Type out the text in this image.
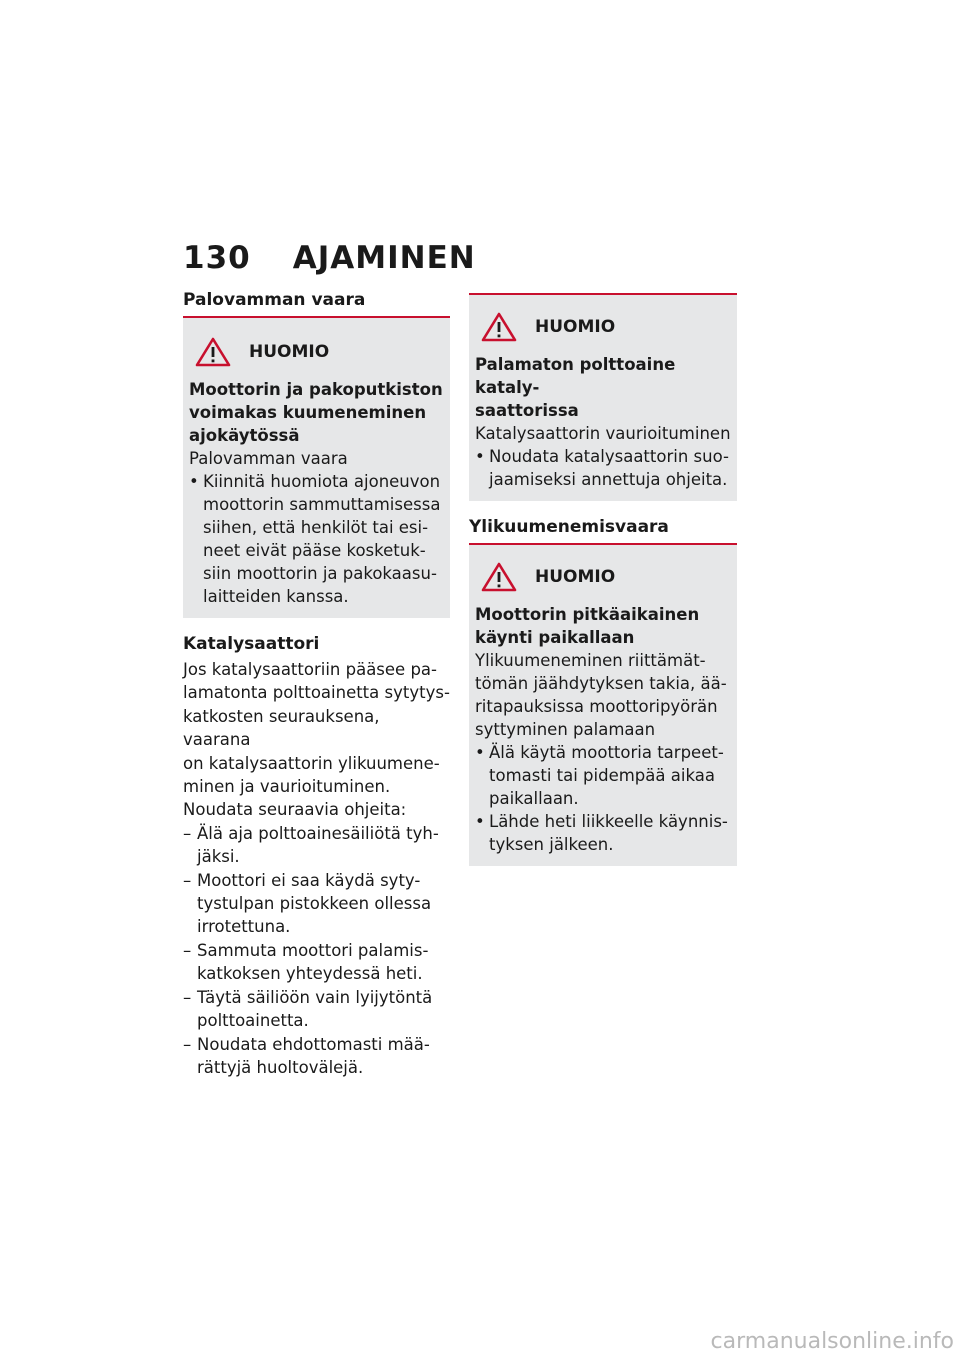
130 AJAMINEN
Palovamman vaara
HUOMIO
Moottorin ja pakoputkiston
voimakas kuumeneminen
ajokäytössä
Palovamman vaara
• Kiinnitä huomiota ajoneuvon
moottorin sammuttamisessa
siihen, että henkilöt tai esi-
neet eivät pääse kosketuk-
siin moottorin ja pakokaasu-
laitteiden kanssa.
Katalysaattori
Jos katalysaattoriin pääsee pa-
lamatonta polttoainetta sytytys-
katkosten seurauksena, vaarana
on katalysaattorin ylikuumene-
minen ja vaurioituminen.
Noudata seuraavia ohjeita:
– Älä aja polttoainesäiliötä tyh-
jäksi.
– Moottori ei saa käydä syty-
tystulpan pistokkeen ollessa
irrotettuna.
– Sammuta moottori palamis-
katkoksen yhteydessä heti.
– Täytä säiliöön vain lyijytöntä
polttoainetta.
– Noudata ehdottomasti mää-
rättyjä huoltovälejä.
HUOMIO
Palamaton polttoaine kataly-
saattorissa
Katalysaattorin vaurioituminen
• Noudata katalysaattorin suo-
jaamiseksi annettuja ohjeita.
Ylikuumenemisvaara
HUOMIO
Moottorin pitkäaikainen
käynti paikallaan
Ylikuumeneminen riittämät-
tömän jäähdytyksen takia, ää-
ritapauksissa moottoripyörän
syttyminen palamaan
• Älä käytä moottoria tarpeet-
tomasti tai pidempää aikaa
paikallaan.
• Lähde heti liikkeelle käynnis-
tyksen jälkeen.
carmanualsonline.info
